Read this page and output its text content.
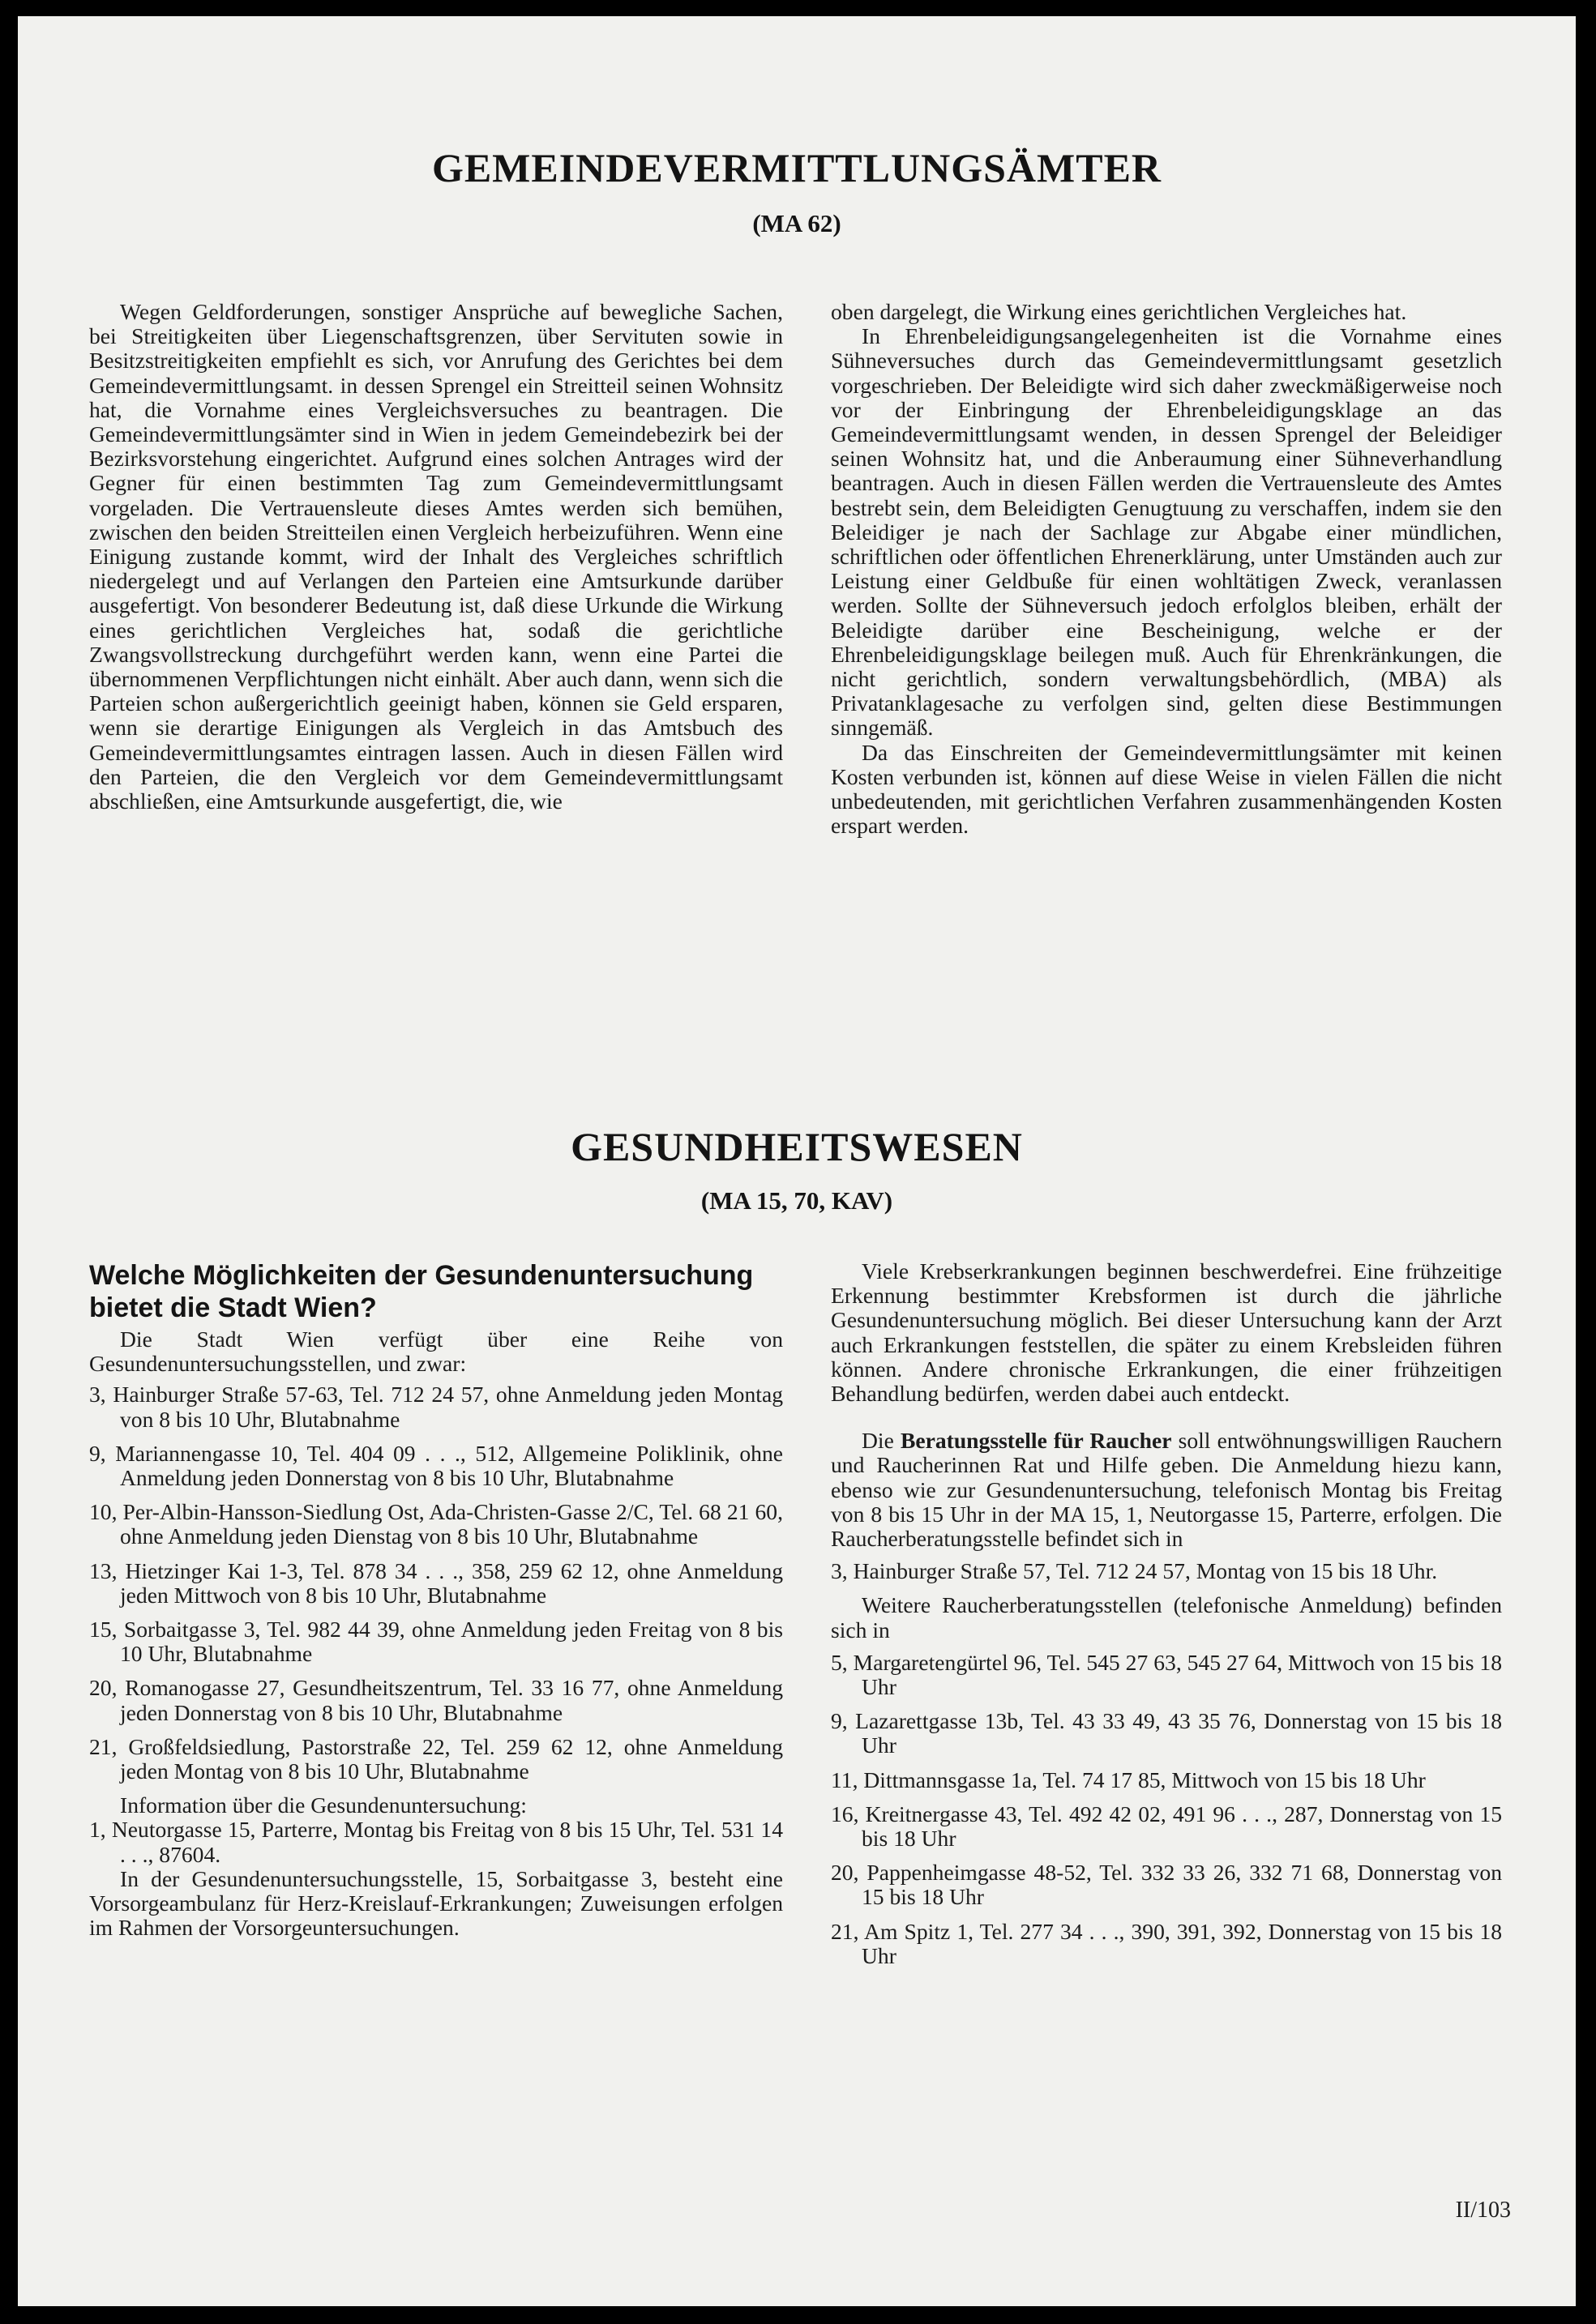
GEMEINDEVERMITTLUNGSÄMTER
(MA 62)

Wegen Geldforderungen, sonstiger Ansprüche auf bewegliche Sachen, bei Streitigkeiten über Liegenschaftsgrenzen, über Servituten sowie in Besitzstreitigkeiten empfiehlt es sich, vor Anrufung des Gerichtes bei dem Gemeindevermittlungsamt. in dessen Sprengel ein Streitteil seinen Wohnsitz hat, die Vornahme eines Vergleichsversuches zu beantragen. Die Gemeindevermittlungsämter sind in Wien in jedem Gemeindebezirk bei der Bezirksvorstehung eingerichtet. Aufgrund eines solchen Antrages wird der Gegner für einen bestimmten Tag zum Gemeindevermittlungsamt vorgeladen. Die Vertrauensleute dieses Amtes werden sich bemühen, zwischen den beiden Streitteilen einen Vergleich herbeizuführen. Wenn eine Einigung zustande kommt, wird der Inhalt des Vergleiches schriftlich niedergelegt und auf Verlangen den Parteien eine Amtsurkunde darüber ausgefertigt. Von besonderer Bedeutung ist, daß diese Urkunde die Wirkung eines gerichtlichen Vergleiches hat, sodaß die gerichtliche Zwangsvollstreckung durchgeführt werden kann, wenn eine Partei die übernommenen Verpflichtungen nicht einhält. Aber auch dann, wenn sich die Parteien schon außergerichtlich geeinigt haben, können sie Geld ersparen, wenn sie derartige Einigungen als Vergleich in das Amtsbuch des Gemeindevermittlungsamtes eintragen lassen. Auch in diesen Fällen wird den Parteien, die den Vergleich vor dem Gemeindevermittlungsamt abschließen, eine Amtsurkunde ausgefertigt, die, wie

oben dargelegt, die Wirkung eines gerichtlichen Vergleiches hat.

In Ehrenbeleidigungsangelegenheiten ist die Vornahme eines Sühneversuches durch das Gemeindevermittlungsamt gesetzlich vorgeschrieben. Der Beleidigte wird sich daher zweckmäßigerweise noch vor der Einbringung der Ehrenbeleidigungsklage an das Gemeindevermittlungsamt wenden, in dessen Sprengel der Beleidiger seinen Wohnsitz hat, und die Anberaumung einer Sühneverhandlung beantragen. Auch in diesen Fällen werden die Vertrauensleute des Amtes bestrebt sein, dem Beleidigten Genugtuung zu verschaffen, indem sie den Beleidiger je nach der Sachlage zur Abgabe einer mündlichen, schriftlichen oder öffentlichen Ehrenerklärung, unter Umständen auch zur Leistung einer Geldbuße für einen wohltätigen Zweck, veranlassen werden. Sollte der Sühneversuch jedoch erfolglos bleiben, erhält der Beleidigte darüber eine Bescheinigung, welche er der Ehrenbeleidigungsklage beilegen muß. Auch für Ehrenkränkungen, die nicht gerichtlich, sondern verwaltungsbehördlich, (MBA) als Privatanklagesache zu verfolgen sind, gelten diese Bestimmungen sinngemäß.

Da das Einschreiten der Gemeindevermittlungsämter mit keinen Kosten verbunden ist, können auf diese Weise in vielen Fällen die nicht unbedeutenden, mit gerichtlichen Verfahren zusammenhängenden Kosten erspart werden.

GESUNDHEITSWESEN
(MA 15, 70, KAV)
Welche Möglichkeiten der Gesundenuntersuchung bietet die Stadt Wien?

Die Stadt Wien verfügt über eine Reihe von Gesundenuntersuchungsstellen, und zwar:

3, Hainburger Straße 57-63, Tel. 712 24 57, ohne Anmeldung jeden Montag von 8 bis 10 Uhr, Blutabnahme

9, Mariannengasse 10, Tel. 404 09 . . ., 512, Allgemeine Poliklinik, ohne Anmeldung jeden Donnerstag von 8 bis 10 Uhr, Blutabnahme

10, Per-Albin-Hansson-Siedlung Ost, Ada-Christen-Gasse 2/C, Tel. 68 21 60, ohne Anmeldung jeden Dienstag von 8 bis 10 Uhr, Blutabnahme

13, Hietzinger Kai 1-3, Tel. 878 34 . . ., 358, 259 62 12, ohne Anmeldung jeden Mittwoch von 8 bis 10 Uhr, Blutabnahme

15, Sorbaitgasse 3, Tel. 982 44 39, ohne Anmeldung jeden Freitag von 8 bis 10 Uhr, Blutabnahme

20, Romanogasse 27, Gesundheitszentrum, Tel. 33 16 77, ohne Anmeldung jeden Donnerstag von 8 bis 10 Uhr, Blutabnahme

21, Großfeldsiedlung, Pastorstraße 22, Tel. 259 62 12, ohne Anmeldung jeden Montag von 8 bis 10 Uhr, Blutabnahme

Information über die Gesundenuntersuchung:

1, Neutorgasse 15, Parterre, Montag bis Freitag von 8 bis 15 Uhr, Tel. 531 14 . . ., 87604.

In der Gesundenuntersuchungsstelle, 15, Sorbaitgasse 3, besteht eine Vorsorgeambulanz für Herz-Kreislauf-Erkrankungen; Zuweisungen erfolgen im Rahmen der Vorsorgeuntersuchungen.

Viele Krebserkrankungen beginnen beschwerdefrei. Eine frühzeitige Erkennung bestimmter Krebsformen ist durch die jährliche Gesundenuntersuchung möglich. Bei dieser Untersuchung kann der Arzt auch Erkrankungen feststellen, die später zu einem Krebsleiden führen können. Andere chronische Erkrankungen, die einer frühzeitigen Behandlung bedürfen, werden dabei auch entdeckt.

Die Beratungsstelle für Raucher soll entwöhnungswilligen Rauchern und Raucherinnen Rat und Hilfe geben. Die Anmeldung hiezu kann, ebenso wie zur Gesundenuntersuchung, telefonisch Montag bis Freitag von 8 bis 15 Uhr in der MA 15, 1, Neutorgasse 15, Parterre, erfolgen. Die Raucherberatungsstelle befindet sich in

3, Hainburger Straße 57, Tel. 712 24 57, Montag von 15 bis 18 Uhr.

Weitere Raucherberatungsstellen (telefonische Anmeldung) befinden sich in

5, Margaretengürtel 96, Tel. 545 27 63, 545 27 64, Mittwoch von 15 bis 18 Uhr

9, Lazarettgasse 13b, Tel. 43 33 49, 43 35 76, Donnerstag von 15 bis 18 Uhr

11, Dittmannsgasse 1a, Tel. 74 17 85, Mittwoch von 15 bis 18 Uhr

16, Kreitnergasse 43, Tel. 492 42 02, 491 96 . . ., 287, Donnerstag von 15 bis 18 Uhr

20, Pappenheimgasse 48-52, Tel. 332 33 26, 332 71 68, Donnerstag von 15 bis 18 Uhr

21, Am Spitz 1, Tel. 277 34 . . ., 390, 391, 392, Donnerstag von 15 bis 18 Uhr

II/103
